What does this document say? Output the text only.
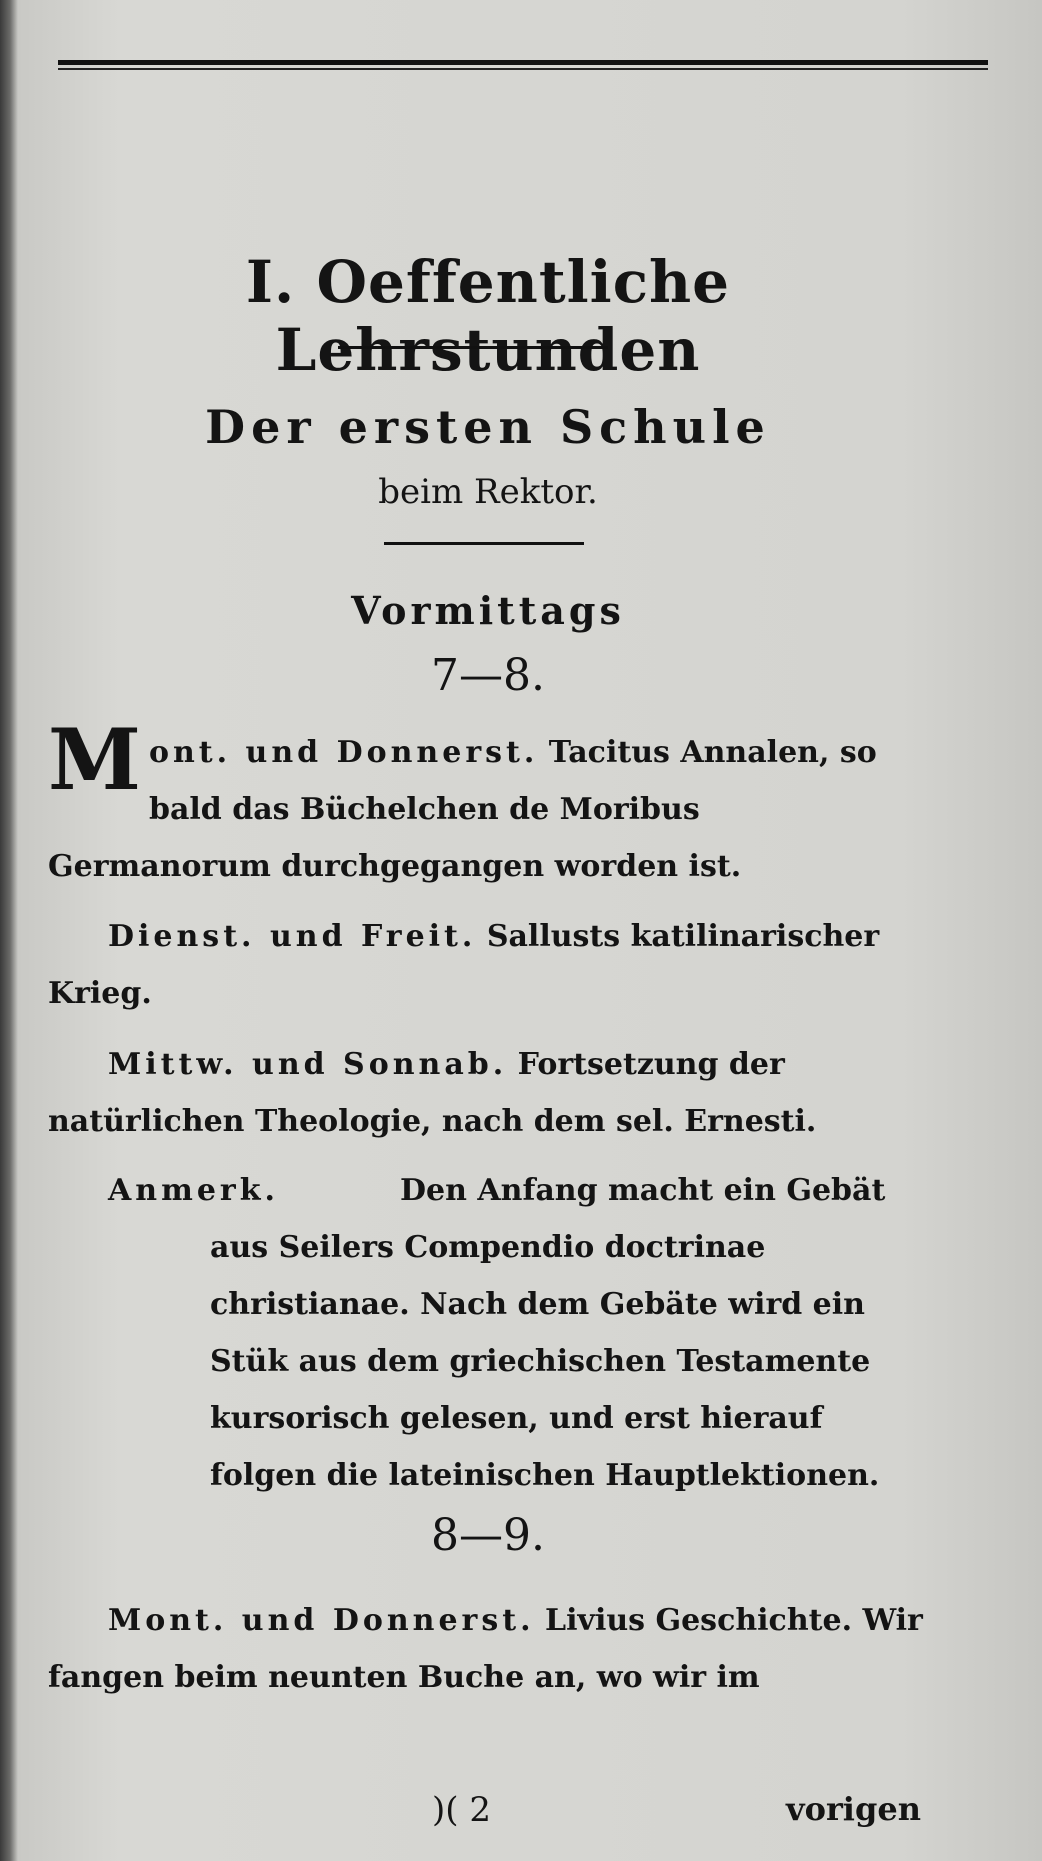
I. Oeffentliche Lehrstunden
Der ersten Schule
beim Rektor.
Vormittags
7—8.
M ont. und Donnerst. Tacitus Annalen, so bald das Büchelchen de Moribus Germanorum durchgegangen worden ist.
Dienst. und Freit. Sallusts katilinarischer Krieg.
Mittw. und Sonnab. Fortsetzung der natürlichen Theologie, nach dem sel. Ernesti.
Anmerk.	Den Anfang macht ein Gebät aus Seilers Compendio doctrinae christianae. Nach dem Gebäte wird ein Stük aus dem griechischen Testamente kursorisch gelesen, und erst hierauf folgen die lateinischen Hauptlektionen.
8—9.
Mont. und Donnerst. Livius Geschichte. Wir fangen beim neunten Buche an, wo wir im
)( 2	vorigen
